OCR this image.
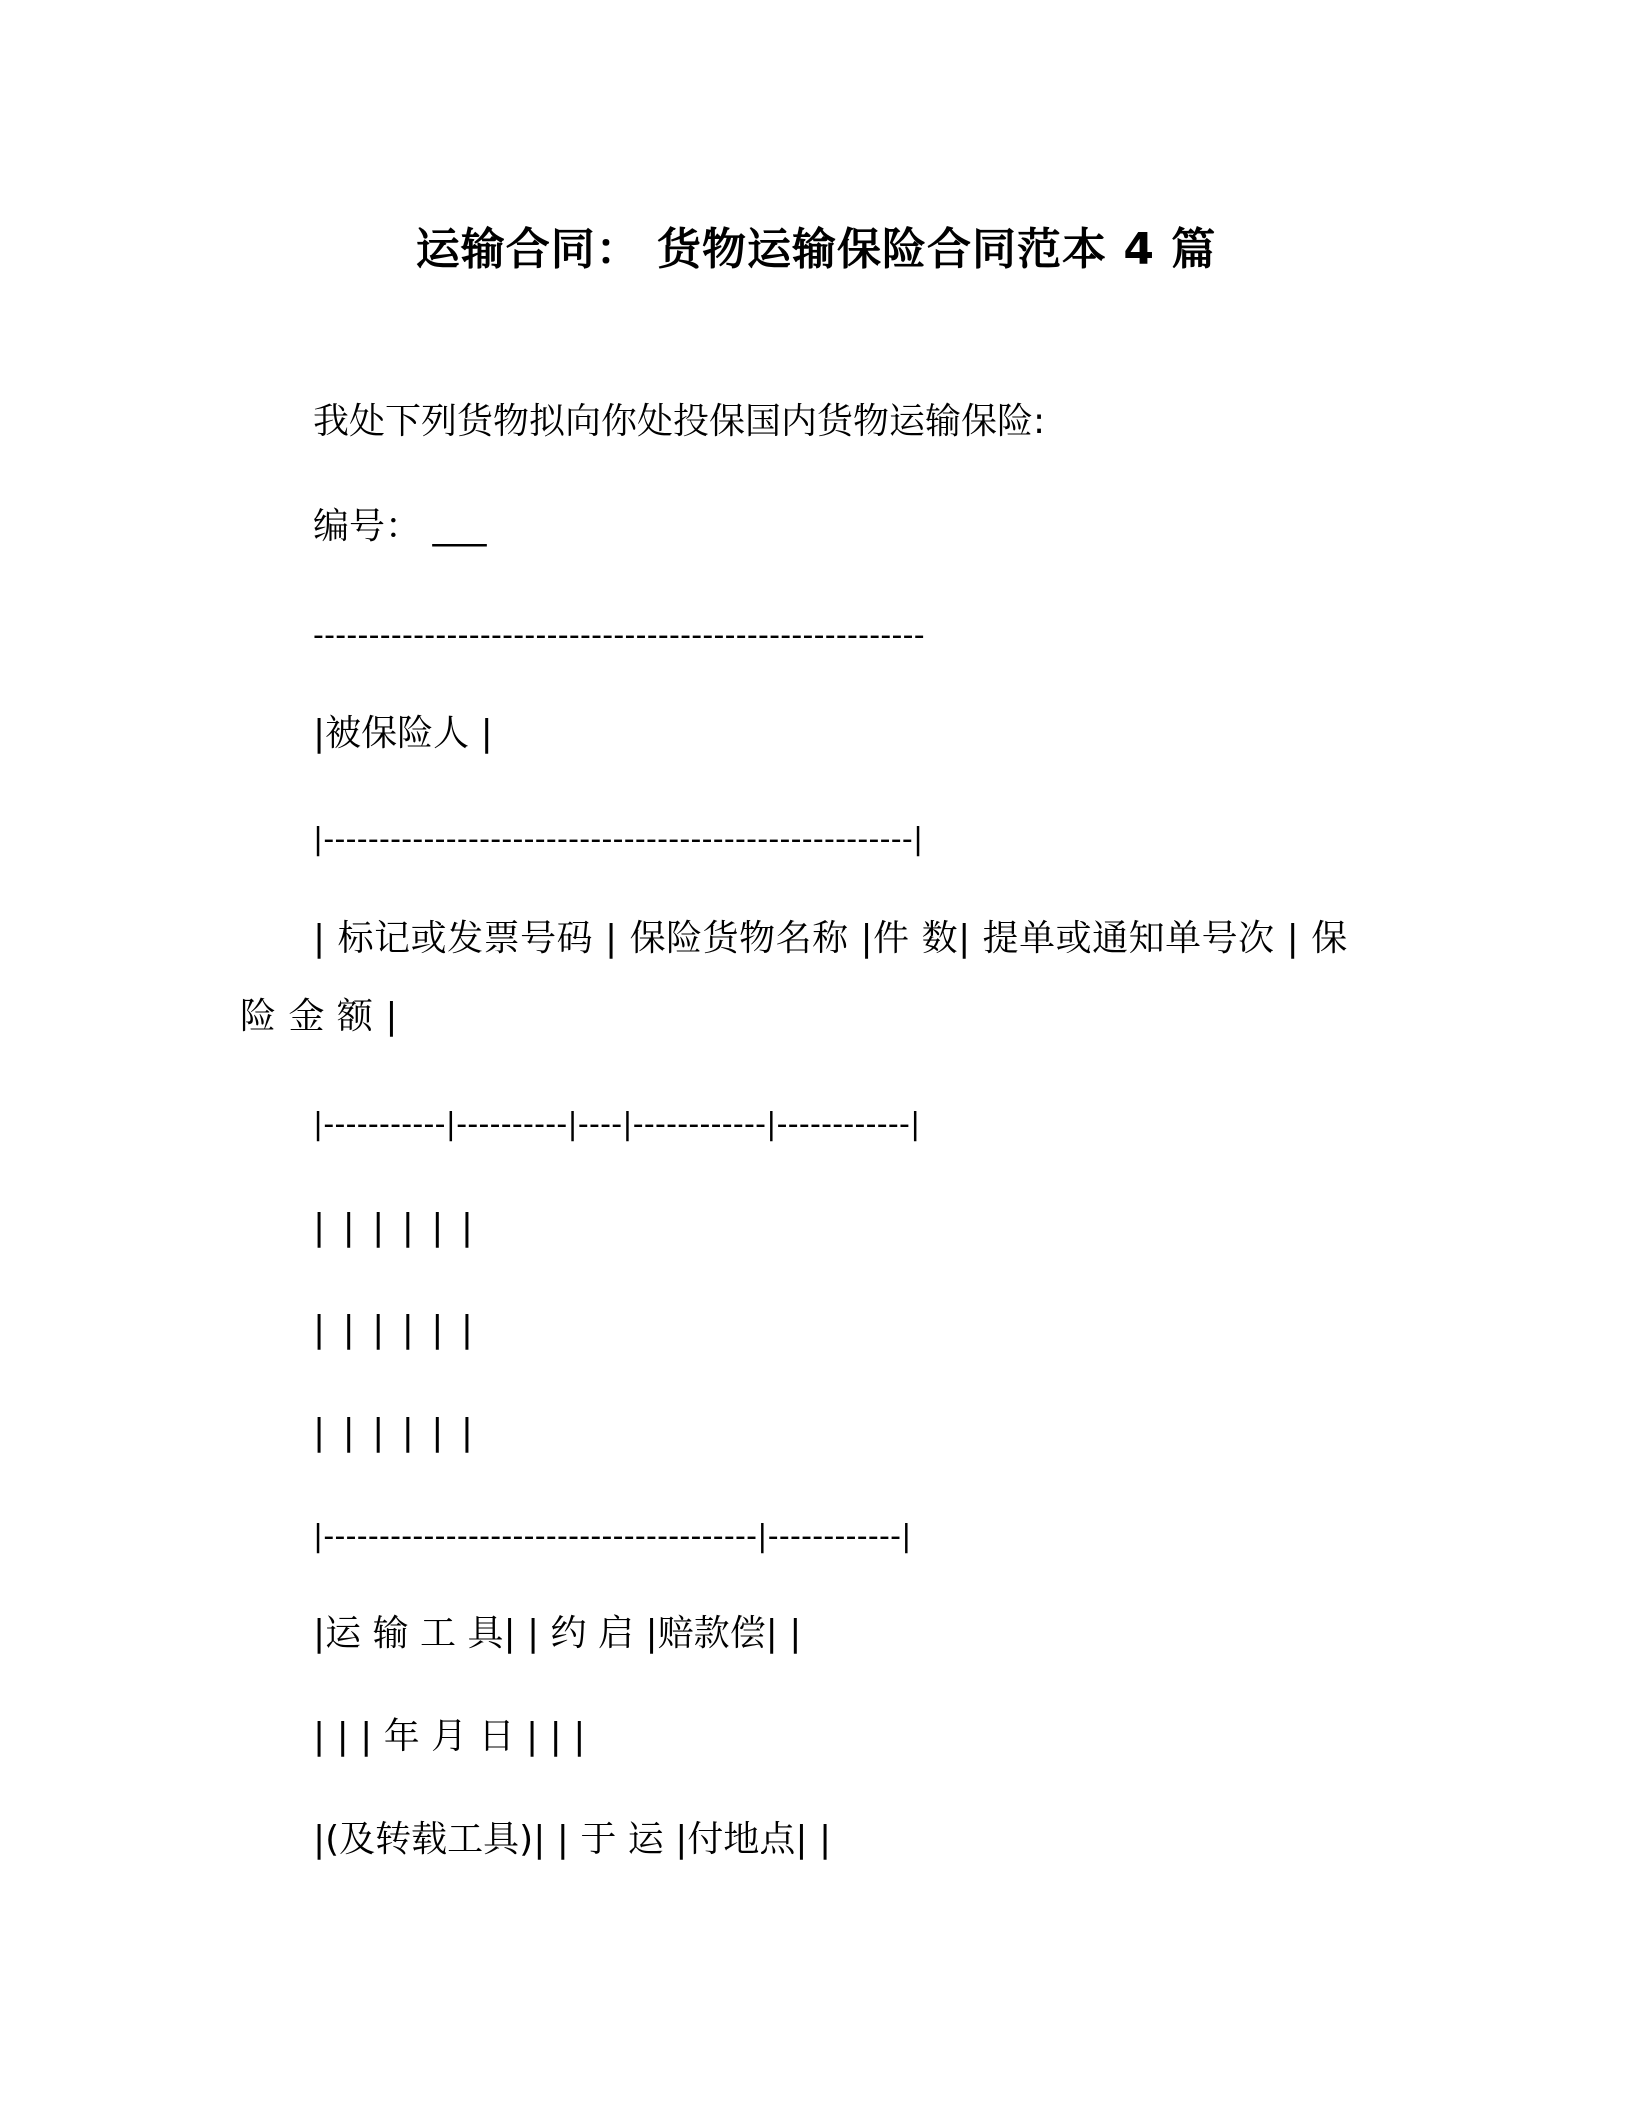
运输合同： 货物运输保险合同范本 4 篇
我处下列货物拟向你处投保国内货物运输保险:
编号： ___
-------------------------------------------------------
|被保险人 |
|-----------------------------------------------------|
| 标记或发票号码 | 保险货物名称 |件 数| 提单或通知单号次 | 保 险 金 额 |
|-----------|----------|----|------------|------------|
| | | | | |
| | | | | |
| | | | | |
|---------------------------------------|------------|
|运 输 工 具| | 约 启 |赔款偿| |
| | | 年 月 日 | | |
|(及转载工具)| | 于 运 |付地点| |
